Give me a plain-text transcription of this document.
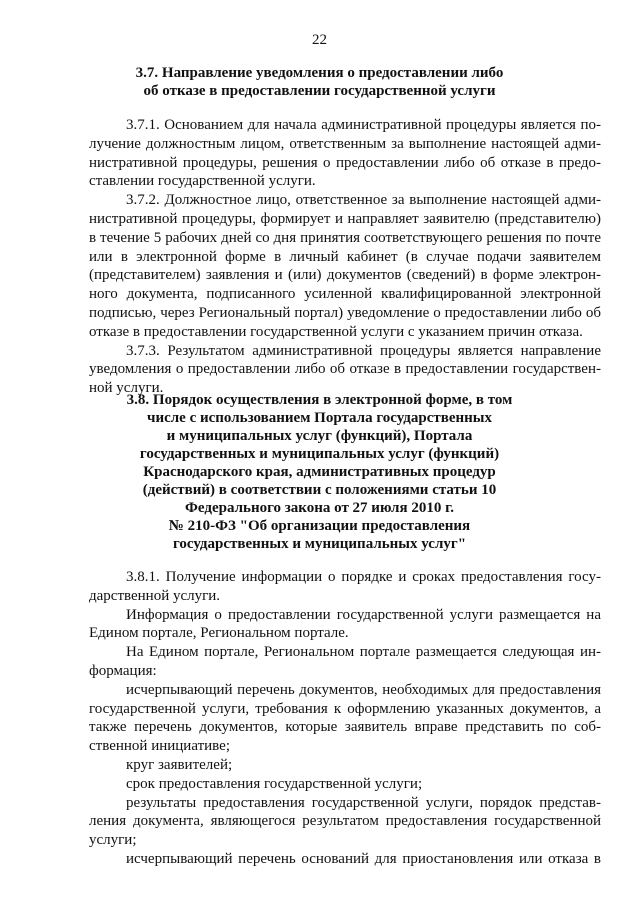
22
3.7. Направление уведомления о предоставлении либо
об отказе в предоставлении государственной услуги

3.7.1. Основанием для начала административной процедуры является по-
лучение должностным лицом, ответственным за выполнение настоящей адми-
нистративной процедуры, решения о предоставлении либо об отказе в предо-
ставлении государственной услуги.

3.7.2. Должностное лицо, ответственное за выполнение настоящей адми-
нистративной процедуры, формирует и направляет заявителю (представителю)
в течение 5 рабочих дней со дня принятия соответствующего решения по почте
или в электронной форме в личный кабинет (в случае подачи заявителем
(представителем) заявления и (или) документов (сведений) в форме электрон-
ного документа, подписанного усиленной квалифицированной электронной
подписью, через Региональный портал) уведомление о предоставлении либо об
отказе в предоставлении государственной услуги с указанием причин отказа.

3.7.3. Результатом административной процедуры является направление
уведомления о предоставлении либо об отказе в предоставлении государствен-
ной услуги.

3.8. Порядок осуществления в электронной форме, в том
числе с использованием Портала государственных
и муниципальных услуг (функций), Портала
государственных и муниципальных услуг (функций)
Краснодарского края, административных процедур
(действий) в соответствии с положениями статьи 10
Федерального закона от 27 июля 2010 г.
№ 210-ФЗ "Об организации предоставления
государственных и муниципальных услуг"

3.8.1. Получение информации о порядке и сроках предоставления госу-
дарственной услуги.

Информация о предоставлении государственной услуги размещается на
Едином портале, Региональном портале.

На Едином портале, Региональном портале размещается следующая ин-
формация:

исчерпывающий перечень документов, необходимых для предоставления
государственной услуги, требования к оформлению указанных документов, а
также перечень документов, которые заявитель вправе представить по соб-
ственной инициативе;

круг заявителей;

срок предоставления государственной услуги;

результаты предоставления государственной услуги, порядок представ-
ления документа, являющегося результатом предоставления государственной
услуги;

исчерпывающий перечень оснований для приостановления или отказа в
